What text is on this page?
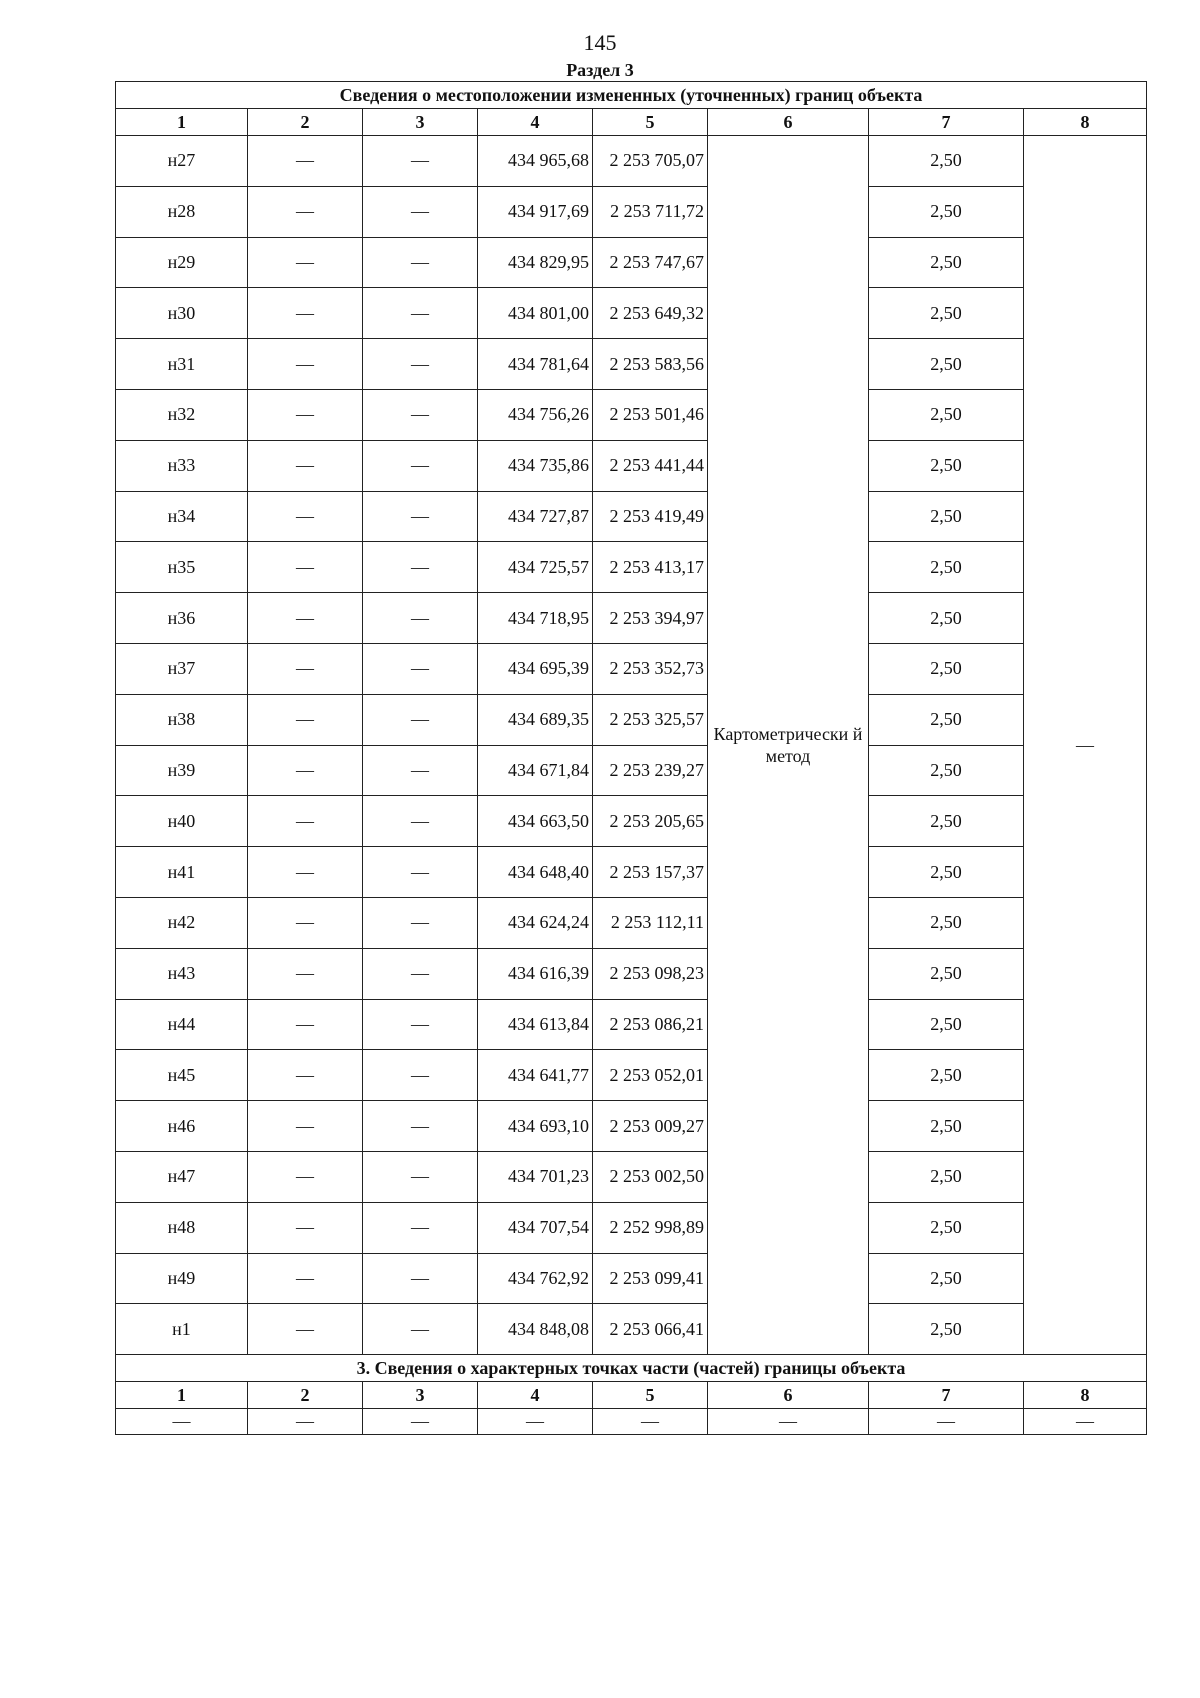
145
Раздел 3
Сведения о местоположении измененных (уточненных) границ объекта							
1	2	3	4	5	6	7	8
н27	—	—	434 965,68	2 253 705,07	Картометрически й метод	2,50	—
н28	—	—	434 917,69	2 253 711,72		2,50	
н29	—	—	434 829,95	2 253 747,67		2,50	
н30	—	—	434 801,00	2 253 649,32		2,50	
н31	—	—	434 781,64	2 253 583,56		2,50	
н32	—	—	434 756,26	2 253 501,46		2,50	
н33	—	—	434 735,86	2 253 441,44		2,50	
н34	—	—	434 727,87	2 253 419,49		2,50	
н35	—	—	434 725,57	2 253 413,17		2,50	
н36	—	—	434 718,95	2 253 394,97		2,50	
н37	—	—	434 695,39	2 253 352,73		2,50	
н38	—	—	434 689,35	2 253 325,57		2,50	
н39	—	—	434 671,84	2 253 239,27		2,50	
н40	—	—	434 663,50	2 253 205,65		2,50	
н41	—	—	434 648,40	2 253 157,37		2,50	
н42	—	—	434 624,24	2 253 112,11		2,50	
н43	—	—	434 616,39	2 253 098,23		2,50	
н44	—	—	434 613,84	2 253 086,21		2,50	
н45	—	—	434 641,77	2 253 052,01		2,50	
н46	—	—	434 693,10	2 253 009,27		2,50	
н47	—	—	434 701,23	2 253 002,50		2,50	
н48	—	—	434 707,54	2 252 998,89		2,50	
н49	—	—	434 762,92	2 253 099,41		2,50	
н1	—	—	434 848,08	2 253 066,41		2,50	
3. Сведения о характерных точках части (частей) границы объекта							
1	2	3	4	5	6	7	8
—	—	—	—	—	—	—	—
